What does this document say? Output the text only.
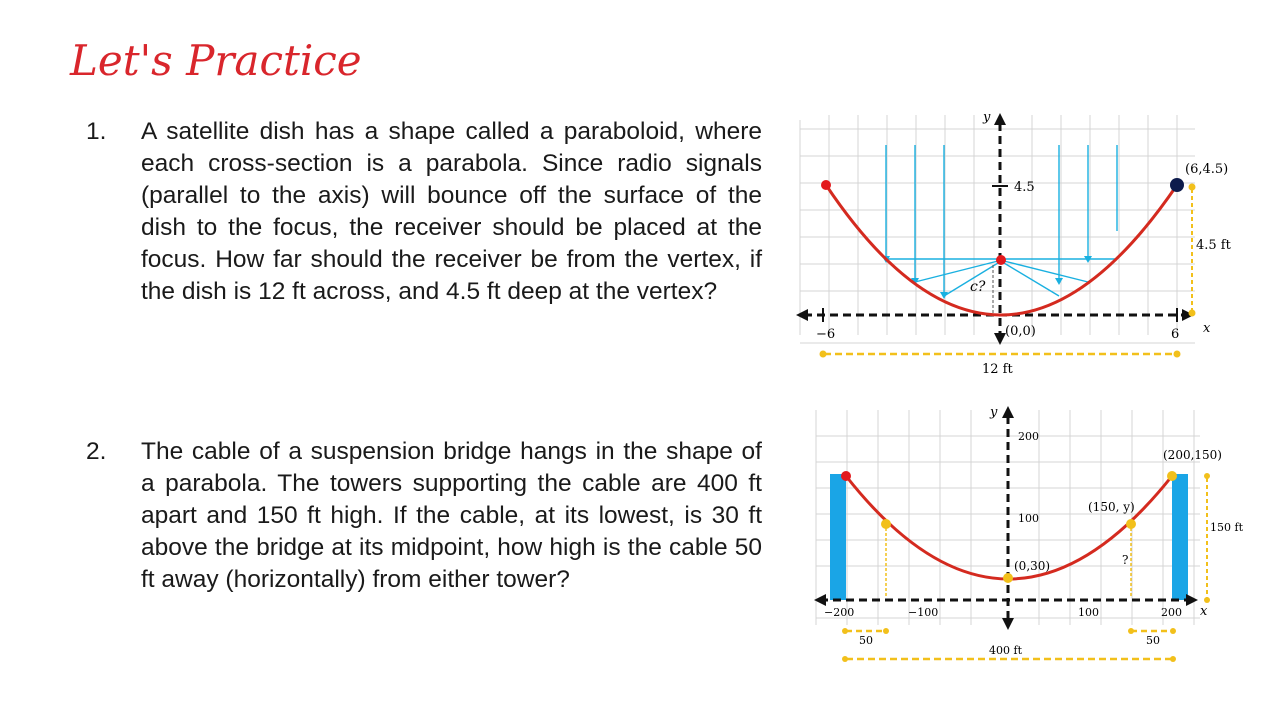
Let's Practice
1. A satellite dish has a shape called a paraboloid, where each cross-section is a parabola. Since radio signals (parallel to the axis) will bounce off the surface of the dish to the focus, the receiver should be placed at the focus. How far should the receiver be from the vertex, if the dish is 12 ft across, and 4.5 ft deep at the vertex?
2. The cable of a suspension bridge hangs in the shape of a parabola. The towers supporting the cable are 400 ft apart and 150 ft high. If the cable, at its lowest, is 30 ft above the bridge at its midpoint, how high is the cable 50 ft away (horizontally) from either tower?
y
x
4.5
−6	6
(0,0)
(6,4.5)
c?
4.5 ft
12 ft
y
x
200
100
−200	−100	100	200
(200,150)
(150, y)
(0,30)	?
150 ft
50	50
400 ft
